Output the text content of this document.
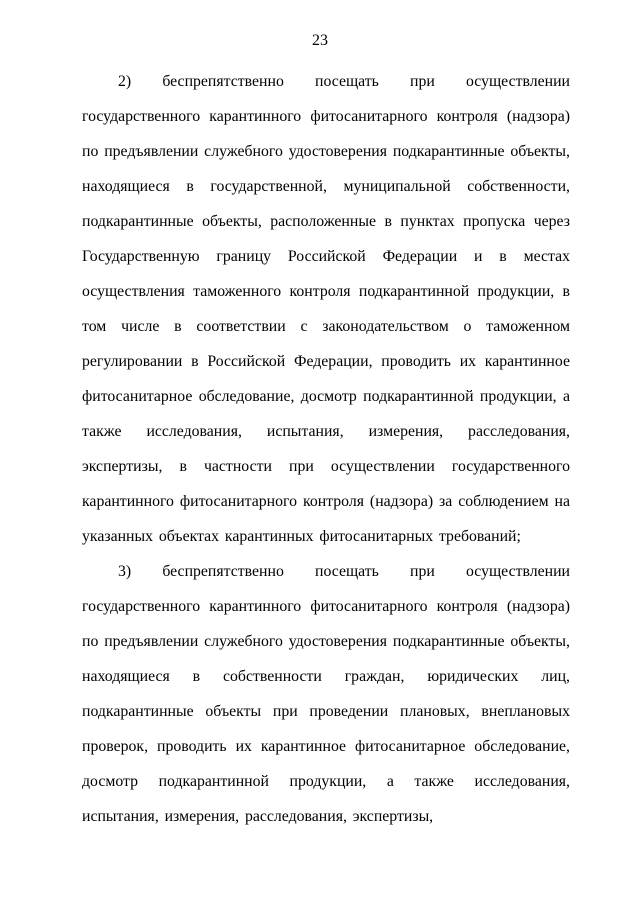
23

2) беспрепятственно посещать при осуществлении государственного карантинного фитосанитарного контроля (надзора) по предъявлении служебного удостоверения подкарантинные объекты, находящиеся в государственной, муниципальной собственности, подкарантинные объекты, расположенные в пунктах пропуска через Государственную границу Российской Федерации и в местах осуществления таможенного контроля подкарантинной продукции, в том числе в соответствии с законодательством о таможенном регулировании в Российской Федерации, проводить их карантинное фитосанитарное обследование, досмотр подкарантинной продукции, а также исследования, испытания, измерения, расследования, экспертизы, в частности при осуществлении государственного карантинного фитосанитарного контроля (надзора) за соблюдением на указанных объектах карантинных фитосанитарных требований;

3) беспрепятственно посещать при осуществлении государственного карантинного фитосанитарного контроля (надзора) по предъявлении служебного удостоверения подкарантинные объекты, находящиеся в собственности граждан, юридических лиц, подкарантинные объекты при проведении плановых, внеплановых проверок, проводить их карантинное фитосанитарное обследование, досмотр подкарантинной продукции, а также исследования, испытания, измерения, расследования, экспертизы,
